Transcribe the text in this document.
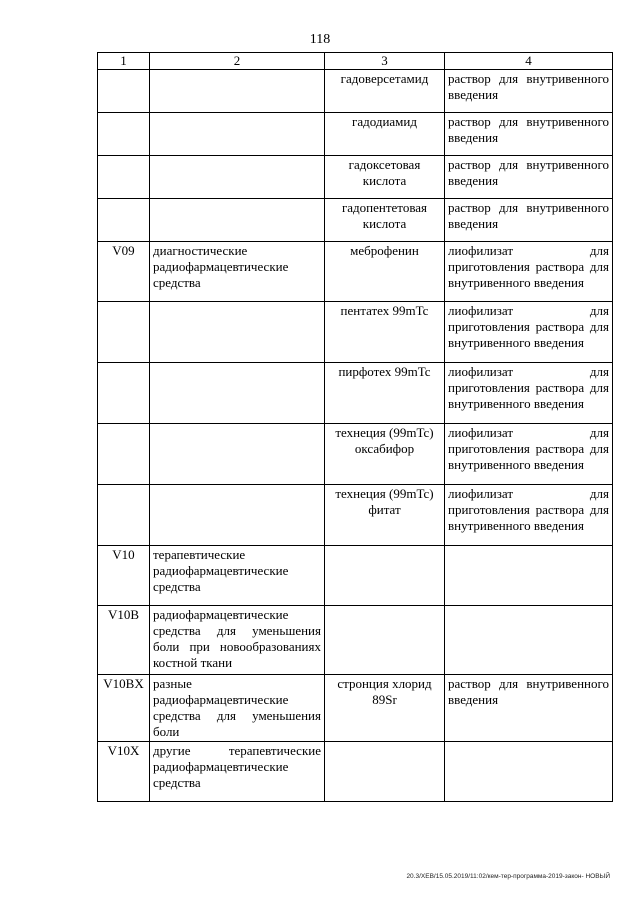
118
1	2	3	4
		гадоверсетамид	раствор для внутривенного введения
		гадодиамид	раствор для внутривенного введения
		гадоксетовая кислота	раствор для внутривенного введения
		гадопентетовая кислота	раствор для внутривенного введения
V09	диагностические радиофармацевтические средства	меброфенин	лиофилизат для приготовления раствора для внутривенного введения
		пентатех 99mTc	лиофилизат для приготовления раствора для внутривенного введения
		пирфотех 99mTc	лиофилизат для приготовления раствора для внутривенного введения
		технеция (99mTc) оксабифор	лиофилизат для приготовления раствора для внутривенного введения
		технеция (99mTc) фитат	лиофилизат для приготовления раствора для внутривенного введения
V10	терапевтические радиофармацевтические средства		
V10B	радиофармацевтические средства для уменьшения боли при новообразованиях костной ткани		
V10BX	разные радиофармацевтические средства для уменьшения боли	стронция хлорид 89Sr	раствор для внутривенного введения
V10X	другие терапевтические радиофармацевтические средства		
20.3/ХЕВ/15.05.2019/11:02/кем-тер-программа-2019-закон- НОВЫЙ
